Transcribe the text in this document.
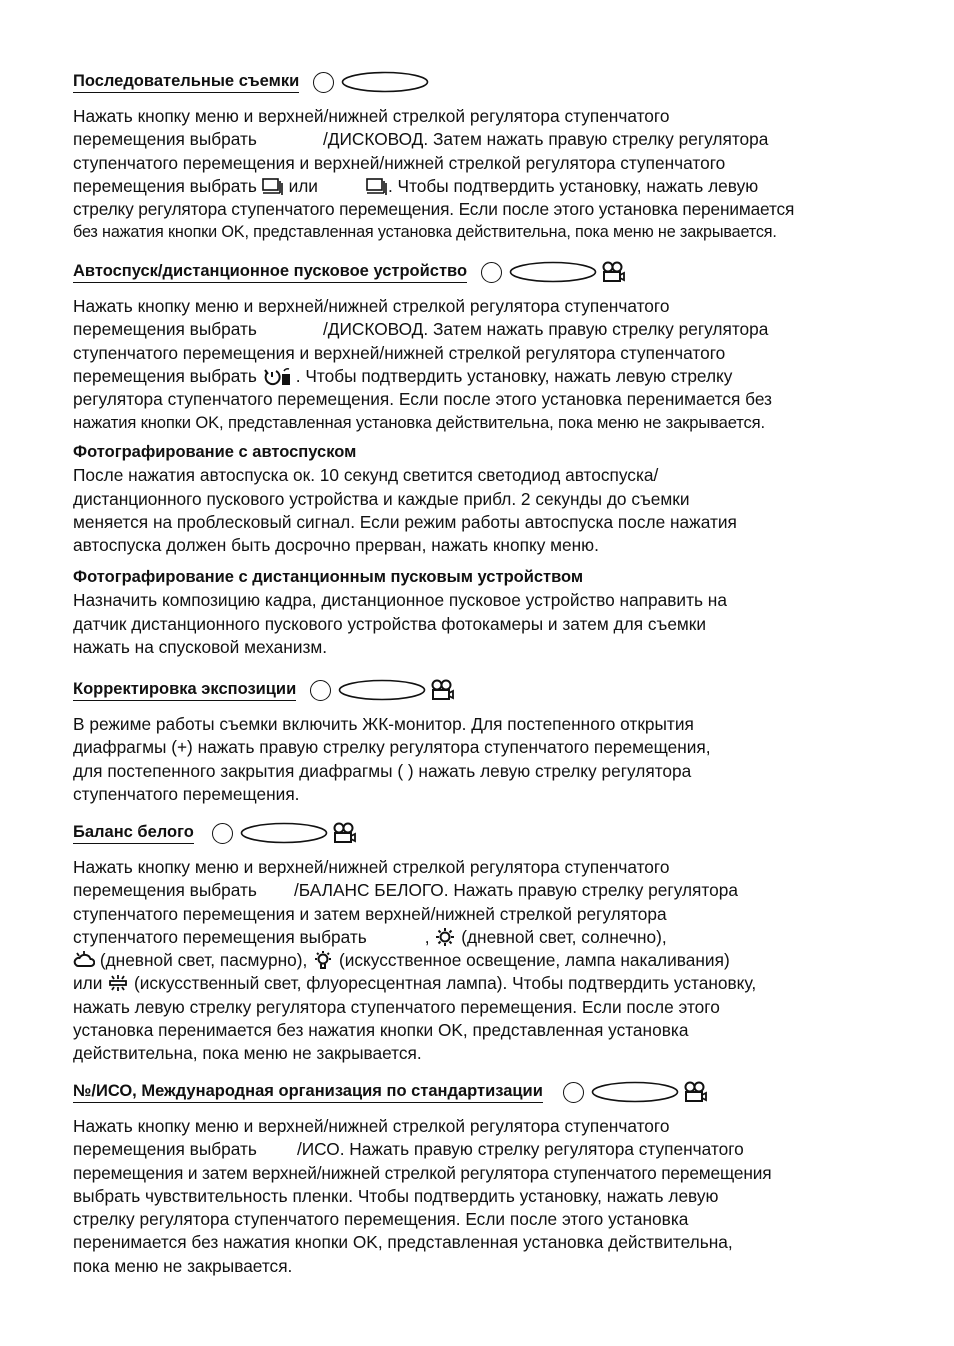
Последовательные съемки
Нажать кнопку меню и верхней/нижней стрелкой регулятора ступенчатого
перемещения выбрать	/ДИСКОВОД. Затем нажать правую стрелку регулятора
ступенчатого перемещения и верхней/нижней стрелкой регулятора ступенчатого
перемещения выбрать или	. Чтобы подтвердить установку, нажать левую
стрелку регулятора ступенчатого перемещения. Если после этого установка перенимается
без нажатия кнопки OK, представленная установка действительна, пока меню не закрывается.
Автоспуск/дистанционное пусковое устройство
Нажать кнопку меню и верхней/нижней стрелкой регулятора ступенчатого
перемещения выбрать	/ДИСКОВОД. Затем нажать правую стрелку регулятора
ступенчатого перемещения и верхней/нижней стрелкой регулятора ступенчатого
перемещения выбрать . Чтобы подтвердить установку, нажать левую стрелку
регулятора ступенчатого перемещения. Если после этого установка перенимается без
нажатия кнопки OK, представленная установка действительна, пока меню не закрывается.
Фотографирование с автоспуском
После нажатия автоспуска ок. 10 секунд светится светодиод автоспуска/
дистанционного пускового устройства и каждые прибл. 2 секунды до съемки
меняется на проблесковый сигнал. Если режим работы автоспуска после нажатия
автоспуска должен быть досрочно прерван, нажать кнопку меню.
Фотографирование с дистанционным пусковым устройством
Назначить композицию кадра, дистанционное пусковое устройство направить на
датчик дистанционного пускового устройства фотокамеры и затем для съемки
нажать на спусковой механизм.
Корректировка экспозиции
В режиме работы съемки включить ЖК-монитор. Для постепенного открытия
диафрагмы (+) нажать правую стрелку регулятора ступенчатого перемещения,
для постепенного закрытия диафрагмы ( ) нажать левую стрелку регулятора
ступенчатого перемещения.
Баланс белого
Нажать кнопку меню и верхней/нижней стрелкой регулятора ступенчатого
перемещения выбрать /БАЛАНС БЕЛОГО. Нажать правую стрелку регулятора
ступенчатого перемещения и затем верхней/нижней стрелкой регулятора
ступенчатого перемещения выбрать	, (дневной свет, солнечно),
(дневной свет, пасмурно), (искусственное освещение, лампа накаливания)
или (искусственный свет, флуоресцентная лампа). Чтобы подтвердить установку,
нажать левую стрелку регулятора ступенчатого перемещения. Если после этого
установка перенимается без нажатия кнопки OK, представленная установка
действительна, пока меню не закрывается.
№/ИСО, Международная организация по стандартизации
Нажать кнопку меню и верхней/нижней стрелкой регулятора ступенчатого
перемещения выбрать /ИСО. Нажать правую стрелку регулятора ступенчатого
перемещения и затем верхней/нижней стрелкой регулятора ступенчатого перемещения
выбрать чувствительность пленки. Чтобы подтвердить установку, нажать левую
стрелку регулятора ступенчатого перемещения. Если после этого установка
перенимается без нажатия кнопки OK, представленная установка действительна,
пока меню не закрывается.
